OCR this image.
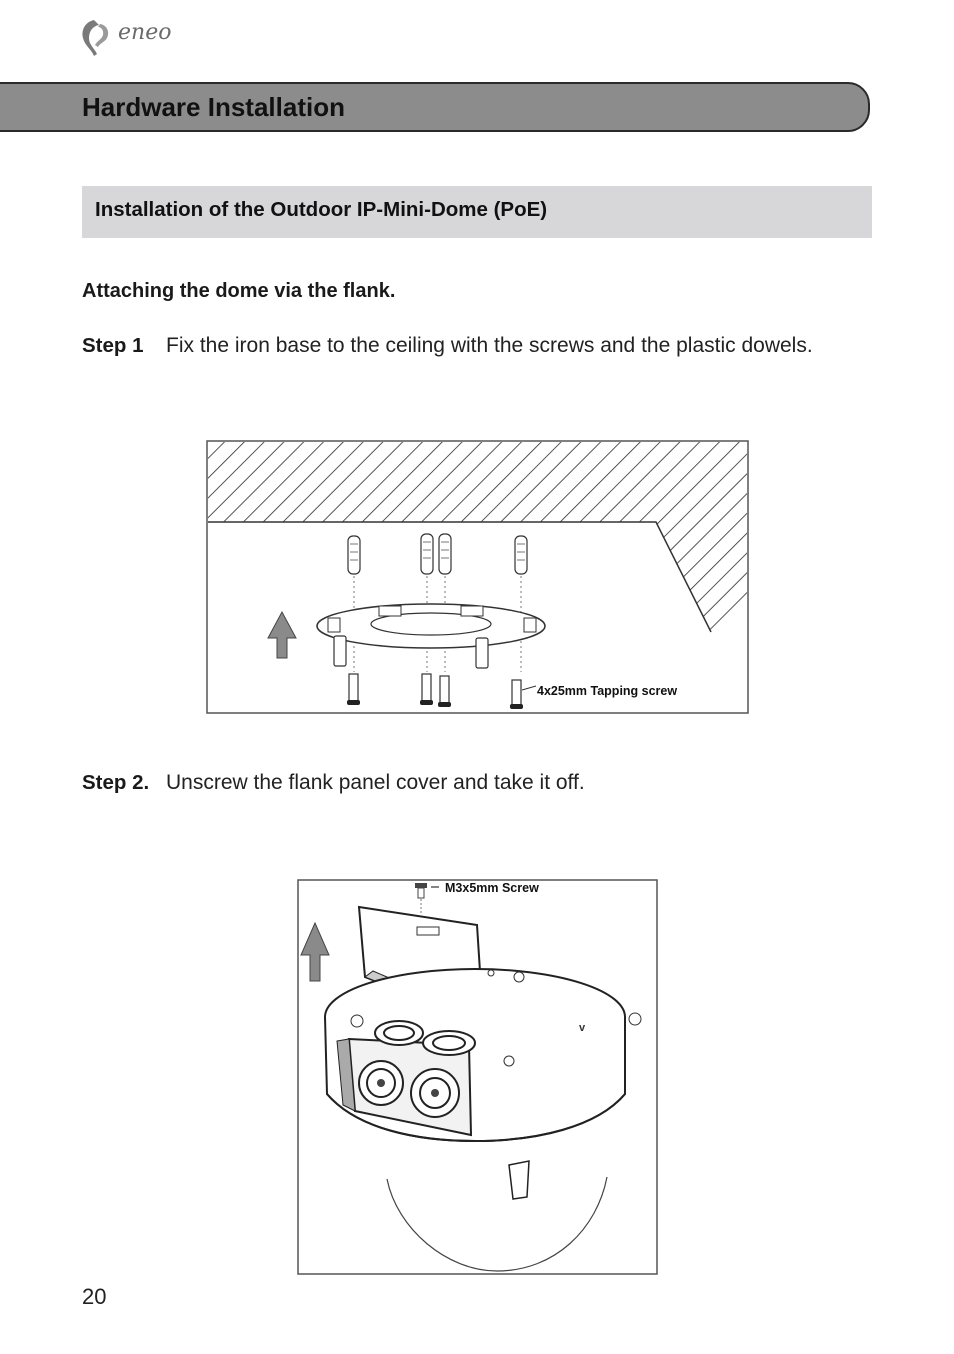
eneo
Hardware Installation
Installation of the Outdoor IP-Mini-Dome (PoE)
Attaching the dome via the flank.
Step 1 Fix the iron base to the ceiling with the screws and the plastic dowels.
4x25mm Tapping screw
Step 2. Unscrew the flank panel cover and take it off.
v
M3x5mm Screw
20
